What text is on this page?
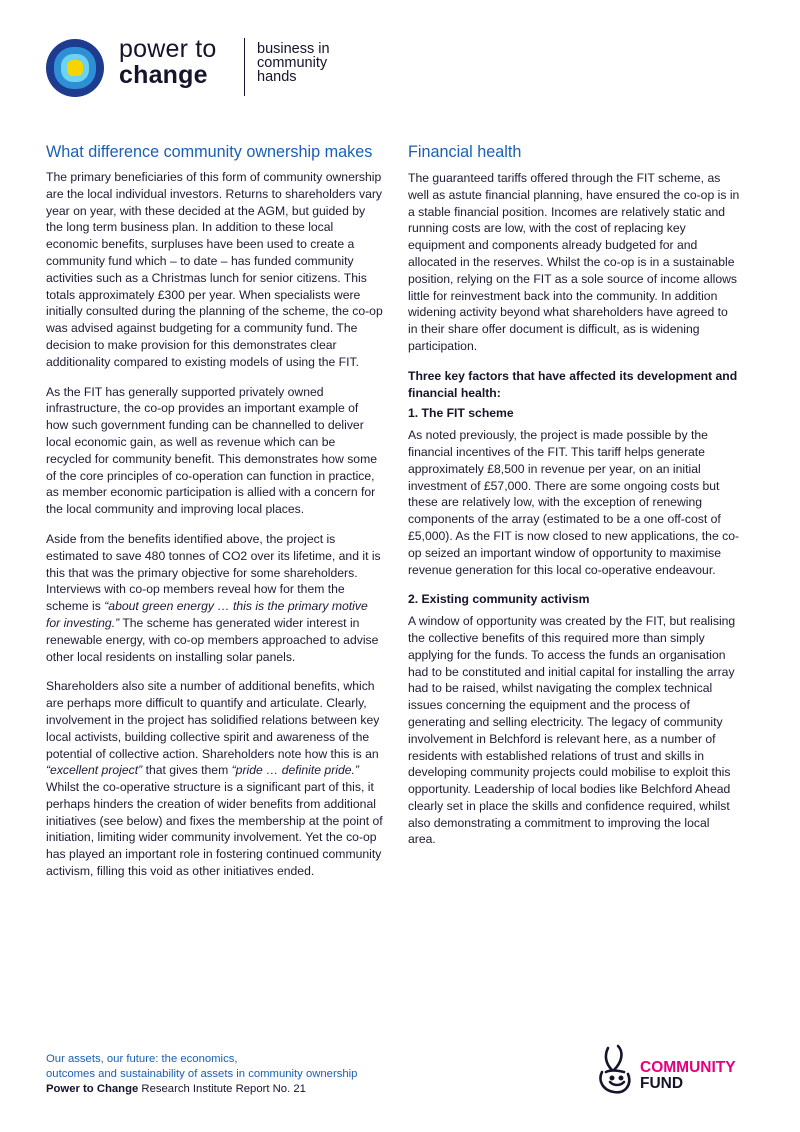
power to
change
business in
community
hands
What difference community ownership makes

The primary beneficiaries of this form of community ownership are the local individual investors. Returns to shareholders vary year on year, with these decided at the AGM, but guided by the long term business plan. In addition to these local economic benefits, surpluses have been used to create a community fund which – to date – has funded community activities such as a Christmas lunch for senior citizens. This totals approximately £300 per year. When specialists were initially consulted during the planning of the scheme, the co-op was advised against budgeting for a community fund. The decision to make provision for this demonstrates clear additionality compared to existing models of using the FIT.

As the FIT has generally supported privately owned infrastructure, the co-op provides an important example of how such government funding can be channelled to deliver local economic gain, as well as revenue which can be recycled for community benefit. This demonstrates how some of the core principles of co-operation can function in practice, as member economic participation is allied with a concern for the local community and improving local places.

Aside from the benefits identified above, the project is estimated to save 480 tonnes of CO2 over its lifetime, and it is this that was the primary objective for some shareholders. Interviews with co-op members reveal how for them the scheme is “about green energy … this is the primary motive for investing.” The scheme has generated wider interest in renewable energy, with co-op members approached to advise other local residents on installing solar panels.

Shareholders also site a number of additional benefits, which are perhaps more difficult to quantify and articulate. Clearly, involvement in the project has solidified relations between key local activists, building collective spirit and awareness of the potential of collective action. Shareholders note how this is an “excellent project” that gives them “pride … definite pride.” Whilst the co-operative structure is a significant part of this, it perhaps hinders the creation of wider benefits from additional initiatives (see below) and fixes the membership at the point of initiation, limiting wider community involvement. Yet the co-op has played an important role in fostering continued community activism, filling this void as other initiatives ended.

Financial health

The guaranteed tariffs offered through the FIT scheme, as well as astute financial planning, have ensured the co-op is in a stable financial position. Incomes are relatively static and running costs are low, with the cost of replacing key equipment and components already budgeted for and allocated in the reserves. Whilst the co-op is in a sustainable position, relying on the FIT as a sole source of income allows little for reinvestment back into the community. In addition widening activity beyond what shareholders have agreed to in their share offer document is difficult, as is widening participation.

Three key factors that have affected its development and financial health:
1. The FIT scheme

As noted previously, the project is made possible by the financial incentives of the FIT. This tariff helps generate approximately £8,500 in revenue per year, on an initial investment of £57,000. There are some ongoing costs but these are relatively low, with the exception of renewing components of the array (estimated to be a one off-cost of £5,000). As the FIT is now closed to new applications, the co-op seized an important window of opportunity to maximise revenue generation for this local co-operative endeavour.

2. Existing community activism

A window of opportunity was created by the FIT, but realising the collective benefits of this required more than simply applying for the funds. To access the funds an organisation had to be constituted and initial capital for installing the array had to be raised, whilst navigating the complex technical issues concerning the equipment and the process of generating and selling electricity. The legacy of community involvement in Belchford is relevant here, as a number of residents with established relations of trust and skills in developing community projects could mobilise to exploit this opportunity. Leadership of local bodies like Belchford Ahead clearly set in place the skills and confidence required, whilst also demonstrating a commitment to improving the local area.

Our assets, our future: the economics,
outcomes and sustainability of assets in community ownership
Power to Change Research Institute Report No. 21
COMMUNITY
FUND
